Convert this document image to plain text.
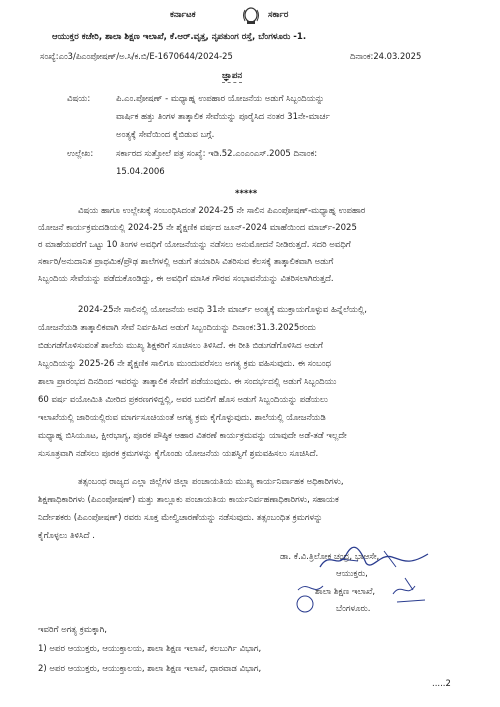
ಕರ್ನಾಟಕ	ಸರ್ಕಾರ
ಆಯುಕ್ತರ ಕಚೇರಿ, ಶಾಲಾ ಶಿಕ್ಷಣ ಇಲಾಖೆ, ಕೆ.ಆರ್.ವೃತ್ತ, ನೃಪತುಂಗ ರಸ್ತೆ, ಬೆಂಗಳೂರು -1.
ಸಂಖ್ಯೆ:ಎಂ3/ಪಿಎಂಪೋಷಣ್/ಅ.ಸಿ/ಕ.ಬಿ/E-1670644/2024-25	ದಿನಾಂಕ:24.03.2025
ಜ್ಞಾಪನ
ವಿಷಯ:	ಪಿ.ಎಂ.ಪೋಷಣ್ - ಮಧ್ಯಾಹ್ನ ಉಪಹಾರ ಯೋಜನೆಯ ಅಡುಗೆ ಸಿಬ್ಬಂದಿಯನ್ನು
ವಾರ್ಷಿಕ ಹತ್ತು ತಿಂಗಳ ತಾತ್ಕಾಲಿಕ ಸೇವೆಯನ್ನು ಪೂರೈಸಿದ ನಂತರ 31ನೇ-ಮಾರ್ಚ
ಅಂತ್ಯಕ್ಕೆ ಸೇವೆಯಿಂದ ಕೈಬಿಡುವ ಬಗ್ಗೆ.
ಉಲ್ಲೇಖ:	ಸರ್ಕಾರದ ಸುತ್ತೋಲೆ ಪತ್ರ ಸಂಖ್ಯೆ: ಇಡಿ.52.ಎಂಎಂಎಸ್.2005 ದಿನಾಂಕ:
15.04.2006
*****
ವಿಷಯ ಹಾಗೂ ಉಲ್ಲೇಖಕ್ಕೆ ಸಂಬಂಧಿಸಿದಂತೆ 2024-25 ನೇ ಸಾಲಿನ ಪಿಎಂಪೋಷಣ್-ಮಧ್ಯಾಹ್ನ ಉಪಹಾರ
ಯೋಜನೆ ಕಾರ್ಯಕ್ರಮದಡಿಯಲ್ಲಿ 2024-25 ನೇ ಶೈಕ್ಷಣಿಕ ವರ್ಷದ ಜೂನ್-2024 ಮಾಹೆಯಿಂದ ಮಾರ್ಚ್-2025
ರ ಮಾಹೆಯವರೆಗೆ ಒಟ್ಟು 10 ತಿಂಗಳ ಅವಧಿಗೆ ಯೋಜನೆಯನ್ನು ನಡೆಸಲು ಅನುಮೋದನೆ ನೀಡಿರುತ್ತದೆ. ಸದರಿ ಅವಧಿಗೆ
ಸರ್ಕಾರಿ/ಅನುದಾನಿತ ಪ್ರಾಥಮಿಕ/ಪ್ರೌಢ ಶಾಲೆಗಳಲ್ಲಿ ಅಡುಗೆ ತಯಾರಿಸಿ ವಿತರಿಸುವ ಕೆಲಸಕ್ಕೆ ತಾತ್ಕಾಲಿಕವಾಗಿ ಅಡುಗೆ
ಸಿಬ್ಬಂದಿಯ ಸೇವೆಯನ್ನು ಪಡೆದುಕೊಂಡಿದ್ದು, ಈ ಅವಧಿಗೆ ಮಾಸಿಕ ಗೌರವ ಸಂಭಾವನೆಯನ್ನು ವಿತರಿಸಲಾಗಿರುತ್ತದೆ.
2024-25ನೇ ಸಾಲಿನಲ್ಲಿ ಯೋಜನೆಯ ಅವಧಿ 31ನೇ ಮಾರ್ಚ್ ಅಂತ್ಯಕ್ಕೆ ಮುಕ್ತಾಯಗೊಳ್ಳುವ ಹಿನ್ನೆಲೆಯಲ್ಲಿ,
ಯೋಜನೆಯಡಿ ತಾತ್ಕಾಲಿಕವಾಗಿ ಸೇವೆ ನಿರ್ವಹಿಸಿದ ಅಡುಗೆ ಸಿಬ್ಬಂದಿಯನ್ನು ದಿನಾಂಕ:31.3.2025ರಂದು
ಬಿಡುಗಡೆಗೊಳಿಸುವಂತೆ ಶಾಲೆಯ ಮುಖ್ಯ ಶಿಕ್ಷಕರಿಗೆ ಸೂಚಿಸಲು ತಿಳಿಸಿದೆ. ಈ ರೀತಿ ಬಿಡುಗಡೆಗೊಳಿಸಿದ ಅಡುಗೆ
ಸಿಬ್ಬಂದಿಯನ್ನು 2025-26 ನೇ ಶೈಕ್ಷಣಿಕ ಸಾಲಿಗೂ ಮುಂದುವರೆಸಲು ಅಗತ್ಯ ಕ್ರಮ ವಹಿಸುವುದು. ಈ ಸಂಬಂಧ
ಶಾಲಾ ಪ್ರಾರಂಭದ ದಿನದಿಂದ ಇವರನ್ನು ತಾತ್ಕಾಲಿಕ ಸೇವೆಗೆ ಪಡೆಯುವುದು. ಈ ಸಂದರ್ಭದಲ್ಲಿ ಅಡುಗೆ ಸಿಬ್ಬಂದಿಯು
60 ವರ್ಷ ವಯೋಮಿತಿ ಮೀರಿದ ಪ್ರಕರಣಗಳಿದ್ದಲ್ಲಿ, ಅವರ ಬದಲಿಗೆ ಹೊಸ ಅಡುಗೆ ಸಿಬ್ಬಂದಿಯನ್ನು ಪಡೆಯಲು
ಇಲಾಖೆಯಲ್ಲಿ ಜಾರಿಯಲ್ಲಿರುವ ಮಾರ್ಗಸೂಚಿಯಂತೆ ಅಗತ್ಯ ಕ್ರಮ ಕೈಗೊಳ್ಳುವುದು. ಶಾಲೆಯಲ್ಲಿ ಯೋಜನೆಯಡಿ
ಮಧ್ಯಾಹ್ನ ಬಿಸಿಯೂಟ, ಕ್ಷೀರಭಾಗ್ಯ, ಪೂರಕ ಪೌಷ್ಠಿಕ ಆಹಾರ ವಿತರಣೆ ಕಾರ್ಯಕ್ರಮವನ್ನು ಯಾವುದೇ ಅಡೆ-ತಡೆ ಇಲ್ಲದೇ
ಸುಸೂತ್ರವಾಗಿ ನಡೆಸಲು ಪೂರಕ ಕ್ರಮಗಳನ್ನು ಕೈಗೊಂಡು ಯೋಜನೆಯ ಯಶಸ್ವಿಗೆ ಶ್ರಮವಹಿಸಲು ಸೂಚಿಸಿದೆ.
ತತ್ಸಂಬಂಧ ರಾಜ್ಯದ ಎಲ್ಲಾ ಜಿಲ್ಲೆಗಳ ಜಿಲ್ಲಾ ಪಂಚಾಯತಿಯ ಮುಖ್ಯ ಕಾರ್ಯನಿರ್ವಾಹಕ ಅಧಿಕಾರಿಗಳು,
ಶಿಕ್ಷಣಾಧಿಕಾರಿಗಳು (ಪಿಎಂಪೋಷಣ್) ಮತ್ತು ತಾಲ್ಲೂಕು ಪಂಚಾಯತಿಯ ಕಾರ್ಯನಿರ್ವಹಣಾಧಿಕಾರಿಗಳು, ಸಹಾಯಕ
ನಿರ್ದೇಶಕರು (ಪಿಎಂಪೋಷಣ್) ರವರು ಸೂಕ್ತ ಮೇಲ್ವಿಚಾರಣೆಯನ್ನು ನಡೆಸುವುದು. ತತ್ಸಂಬಂಧಿತ ಕ್ರಮಗಳನ್ನು
ಕೈಗೊಳ್ಳಲು ತಿಳಿಸಿದೆ .
ಡಾ. ಕೆ.ವಿ.ತ್ರಿಲೋಕ ಚಂದ್ರ, ಭಾಆಸೇ,
ಆಯುಕ್ತರು,
ಶಾಲಾ ಶಿಕ್ಷಣ ಇಲಾಖೆ,
ಬೆಂಗಳೂರು.
ಇವರಿಗೆ ಅಗತ್ಯ ಕ್ರಮಕ್ಕಾಗಿ,
1) ಅಪರ ಆಯುಕ್ತರು, ಆಯುಕ್ತಾಲಯ, ಶಾಲಾ ಶಿಕ್ಷಣ ಇಲಾಖೆ, ಕಲಬುರ್ಗಿ ವಿಭಾಗ,
2) ಅಪರ ಆಯುಕ್ತರು, ಆಯುಕ್ತಾಲಯ, ಶಾಲಾ ಶಿಕ್ಷಣ ಇಲಾಖೆ, ಧಾರವಾಡ ವಿಭಾಗ,
.....2
